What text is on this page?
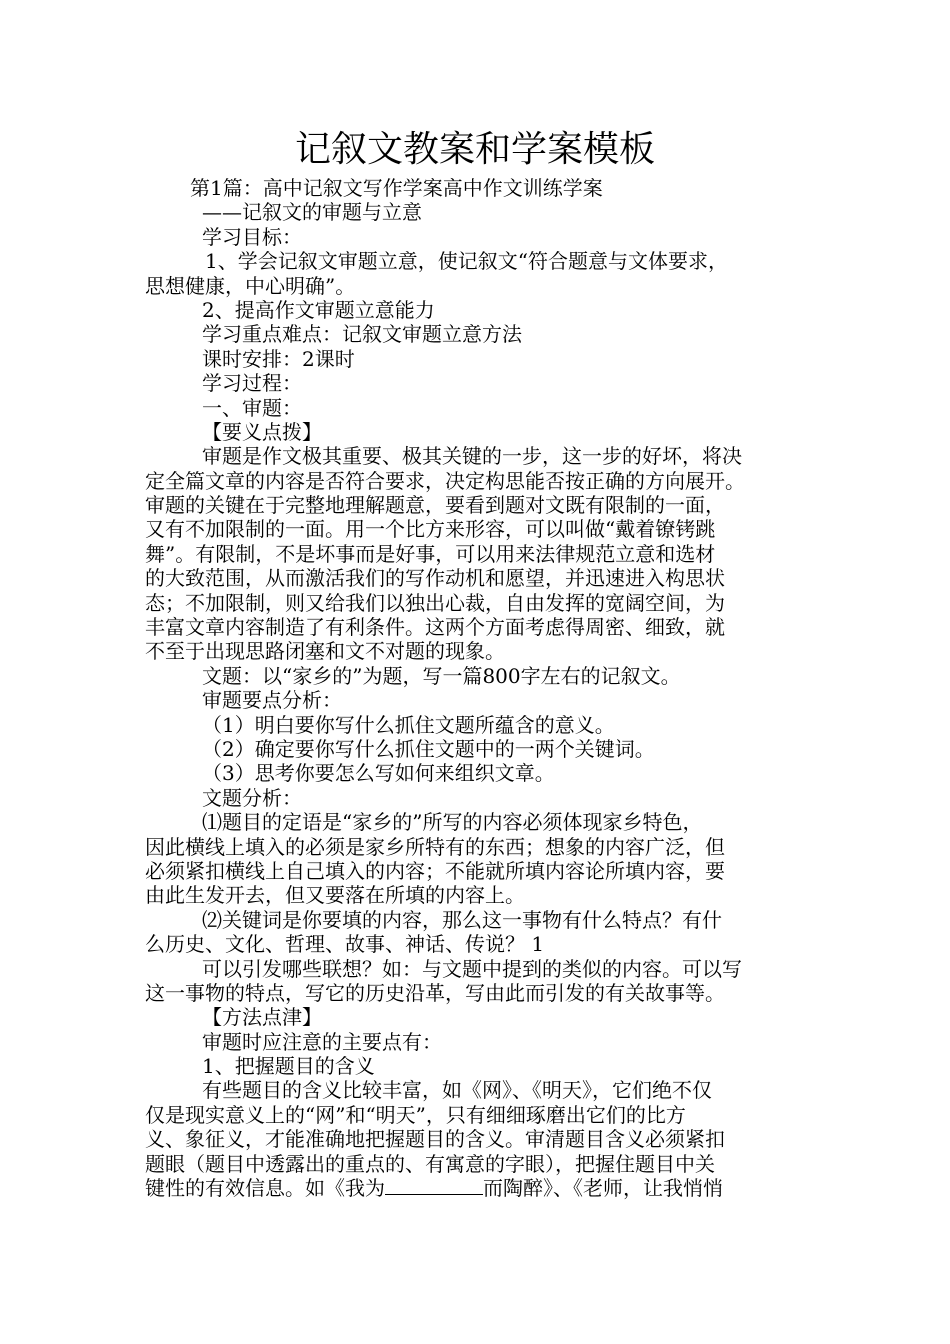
记叙文教案和学案模板
第1篇：高中记叙文写作学案高中作文训练学案
——记叙文的审题与立意
学习目标：
1、学会记叙文审题立意，使记叙文“符合题意与文体要求，
思想健康，中心明确”。
2、提高作文审题立意能力
学习重点难点：记叙文审题立意方法
课时安排：2课时
学习过程：
一、审题：
【要义点拨】
审题是作文极其重要、极其关键的一步，这一步的好坏，将决
定全篇文章的内容是否符合要求，决定构思能否按正确的方向展开。
审题的关键在于完整地理解题意，要看到题对文既有限制的一面，
又有不加限制的一面。用一个比方来形容，可以叫做“戴着镣铐跳
舞”。有限制，不是坏事而是好事，可以用来法律规范立意和选材
的大致范围，从而激活我们的写作动机和愿望，并迅速进入构思状
态；不加限制，则又给我们以独出心裁，自由发挥的宽阔空间，为
丰富文章内容制造了有利条件。这两个方面考虑得周密、细致，就
不至于出现思路闭塞和文不对题的现象。
文题：以“家乡的”为题，写一篇800字左右的记叙文。
审题要点分析：
（1）明白要你写什么抓住文题所蕴含的意义。
（2）确定要你写什么抓住文题中的一两个关键词。
（3）思考你要怎么写如何来组织文章。
文题分析：
⑴题目的定语是“家乡的”所写的内容必须体现家乡特色，
因此横线上填入的必须是家乡所特有的东西；想象的内容广泛，但
必须紧扣横线上自己填入的内容；不能就所填内容论所填内容，要
由此生发开去，但又要落在所填的内容上。
⑵关键词是你要填的内容，那么这一事物有什么特点？有什
么历史、文化、哲理、故事、神话、传说？ 1
可以引发哪些联想？如：与文题中提到的类似的内容。可以写
这一事物的特点，写它的历史沿革，写由此而引发的有关故事等。
【方法点津】
审题时应注意的主要点有：
1、把握题目的含义
有些题目的含义比较丰富，如《网》、《明天》，它们绝不仅
仅是现实意义上的“网”和“明天”，只有细细琢磨出它们的比方
义、象征义，才能准确地把握题目的含义。审清题目含义必须紧扣
题眼（题目中透露出的重点的、有寓意的字眼），把握住题目中关
键性的有效信息。如《我为	而陶醉》、《老师，让我悄悄
